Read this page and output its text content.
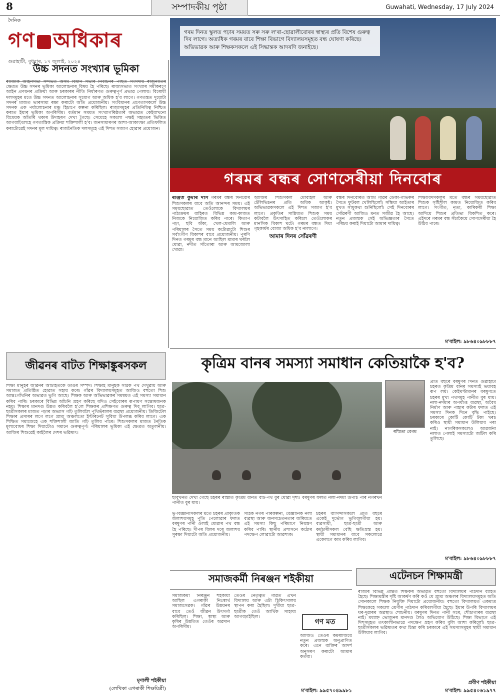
8	সম্পাদকীয় পৃষ্ঠা	Guwahati, Wednesday, 17 July 2024
দৈনিক
গণ অধিকাৰ
গুৱাহাটী, বুধবাৰ, ১৭ জুলাই, ২০২৪
উচ্চ সদনত সংখ্যাৰ ভূমিকা
ৰাজ্যিক আইনসভা সন্দৰ্ভত অসম বিধান সভাৰ নিৰ্বাচনৰ পাছত সংসদীয় ৰাজনীতিৰ ক্ষেত্ৰত উচ্চ সদনৰ ভূমিকা আলোচনাৰ বিষয় হৈ পৰিছে। ৰাজ্যসভাত সংখ্যাৰ সমীকৰণে আইন প্ৰণয়নৰ প্ৰক্ৰিয়া আৰু চৰকাৰৰ নীতি নিৰ্ধাৰণত গুৰুত্বপূৰ্ণ প্ৰভাৱ পেলায়। বিৰোধী দলসমূহৰ মতে উচ্চ সদনত আলোচনাৰ সুযোগ আৰু অধিক হ'ব লাগে। গণতন্ত্ৰত দুয়োটা সদনৰ মাজত ভাৰসাম্য ৰক্ষা কৰাটো অতি প্ৰয়োজনীয়। সংবিধানৰ প্ৰণেতাসকলে উচ্চ সদনক এক পৰ্যালোচনাৰ মঞ্চ হিচাপে কল্পনা কৰিছিল। ৰাজ্যসমূহৰ প্ৰতিনিধিত্ব নিশ্চিত কৰাত ইয়াৰ ভূমিকা অপৰিসীম। বৰ্তমান সময়ত সংখ্যাগৰিষ্ঠতাৰ অভাৱত কেইবাখনো বিধেয়ক আঁতৰি থকাৰ উদাহৰণ দেখা গৈছে। সেয়েহে সকলো পক্ষই সহমতৰ ভিত্তিত আগবাঢ়িলেহে গণতান্ত্ৰিক প্ৰক্ৰিয়া শক্তিশালী হ'ব। জনসাধাৰণৰ আশা-আকাংক্ষা প্ৰতিফলিত কৰাটোৱেই সদনৰ মূল দায়িত্ব। ৰাজনৈতিক দলসমূহে এই দিশত সজাগ হোৱাৰ প্ৰয়োজন।
গৰম দিনত স্কুলত পঢ়াৰ সময়ত সৰু সৰু ল'ৰা-ছোৱালীবোৰৰ স্বাস্থ্যৰ প্ৰতি বিশেষ গুৰুত্ব দিব লাগে। অত্যধিক গৰমৰ বাবে শিক্ষা বিভাগে বিদ্যালয়সমূহত বন্ধ ঘোষণা কৰিছে। অভিভাৱক আৰু শিক্ষকসকলে এই সিদ্ধান্তক আদৰণি জনাইছে।
গৰমৰ বন্ধৰ সোণসেৰীয়া দিনবোৰ
ৰঞ্জিত কুমাৰ দাস গৰমৰ বন্ধৰ দিনবোৰ শিশুসকলৰ বাবে অতি আনন্দৰ সময়। এই সময়ছোৱাত তেওঁলোকে বিদ্যালয়ৰ পাঠ্যক্ৰমৰ বাহিৰত বিভিন্ন কাম-কাজত নিজকে নিয়োজিত কৰিব পাৰে। কিতাপ পঢ়া, ছবি অঁকা, খেল-ধেমালি আৰু পৰিয়ালৰ সৈতে সময় কটোৱাটো শিশুৰ সৰ্বাংগীণ বিকাশৰ বাবে প্ৰয়োজনীয়। পুৰণি দিনত গৰমৰ বন্ধ মানে আছিল মামাৰ ঘৰলৈ যোৱা, নদীত সাঁতোৰা আৰু আমজোলা খোৱা।
আজিৰ শিশুসকল মোবাইল আৰু টেলিভিচনৰ প্ৰতি অধিক আকৃষ্ট। অভিভাৱকসকলে এই দিশত সজাগ হ'ব লাগে। প্ৰকৃতিৰ সান্নিধ্যত শিশুক সময় কটাবলৈ উৎসাহিত কৰিলে তেওঁলোকৰ মানসিক বিকাশ ঘটে। গৰমৰ বন্ধত দিয়া গৃহকাৰ্যৰ বোজা অধিক হ'ব নালাগে।
আমাৰ দিনৰ সোঁৱৰণী
বন্ধৰ দিনবোৰত আমি গাঁৱৰ ডেকা-গাভৰুৰ সৈতে ফুটবল খেলিছিলোঁ। সন্ধিয়া আইতাৰ মুখত সাধুকথা শুনিছিলোঁ। সেই দিনবোৰৰ সোঁৱৰণী আজিও মনত সজীৱ হৈ আছে। নতুন প্ৰজন্মক সেই অভিজ্ঞতাৰ সৈতে পৰিচয় কৰাই দিয়াটো আমাৰ দায়িত্ব।
শিক্ষাবিদসকলৰ মতে বন্ধৰ সময়ছোৱাত শিশুক সৃষ্টিশীল কামত নিয়োজিত কৰিব লাগে। সংগীত, নৃত্য, কাৰিকৰী শিক্ষা আদিয়ে শিশুৰ প্ৰতিভা বিকশিত কৰে। এইদৰে গৰমৰ বন্ধ সঁচাকৈয়ে সোণসেৰীয়া হৈ উঠিব পাৰে।
ম'বাইল: ৯৮৬৪০৯৮৮৮৭
জীৱনৰ বাটত শিক্ষাঙ্কুৰসকল
শিক্ষা মানুহৰ জীৱনৰ আটাইতকৈ ডাঙৰ সম্পদ। শিক্ষাই মানুহক সঠিক পথ দেখুৱায় আৰু সমাজত প্ৰতিষ্ঠিত হোৱাত সহায় কৰে। গাঁৱৰ বিদ্যালয়সমূহত আজিও বহুতো শিশু আন্তঃগাঁথনিৰ অভাৱত ভুগি আছে। শিক্ষক আৰু অভিভাৱকৰ সমন্বয়ত এই সমস্যা সমাধান কৰিব পাৰি। চৰকাৰে বিভিন্ন আঁচনি গ্ৰহণ কৰিছে যদিও সেইবোৰৰ ৰূপায়ণ সন্তোষজনক নহয়। শিক্ষাৰ মানদণ্ড উন্নত কৰিবলৈ হ'লে শিক্ষকৰ প্ৰশিক্ষণত গুৰুত্ব দিব লাগিব। ছাত্ৰ-ছাত্ৰীসকলৰ মাজত পঢ়াৰ অভ্যাস গঢ়ি তুলিবলৈ পুথিভঁৰালৰ ব্যৱস্থা প্ৰয়োজনীয়। ডিজিটেল শিক্ষাৰ প্ৰসাৰৰ লগে লগে গ্ৰাম্য অঞ্চলতো ইণ্টাৰনেট সুবিধা উপলব্ধ কৰিব লাগে। এক শিক্ষিত সমাজেহে এক শক্তিশালী জাতি গঢ়ি তুলিব পাৰে। শিশুসকলৰ মাজত নৈতিক মূল্যবোধৰ শিক্ষা দিয়াটোও সমানে গুৰুত্বপূৰ্ণ। পৰিয়ালৰ ভূমিকা এই ক্ষেত্ৰত অতুলনীয়। আজিৰ শিশুৱেই কাইলৈৰ দেশৰ ভৱিষ্যৎ।
মৃণালী শইকীয়া
(লেখিকা এগৰাকী শিক্ষয়িত্ৰী)
কৃত্ৰিম বানৰ সমস্যা সমাধান কেতিয়াকৈ হ'ব?
ৰশ্মিতা বেগম
প্ৰতি বছৰে বৰষুণৰ দিনত গুৱাহাটী চহৰত কৃত্ৰিম বানৰ সমস্যাই ভয়াবহ ৰূপ লয়। কেইঘণ্টামানৰ বৰষুণতে চহৰৰ মুখ্য পথসমূহ পানীত বুৰ যায়। নলা-নৰ্দমাৰ অপৰ্যাপ্ত ব্যৱস্থা, অবৈধ নিৰ্মাণ আৰু পাহাৰ কটাৰ ফলত এই সমস্যা দিনক দিনে বৃদ্ধি পাইছে। চৰকাৰে কোটি কোটি টকা খৰচ কৰিও স্থায়ী সমাধান উলিয়াব পৰা নাই। নাগৰিকসকলেও আৱৰ্জনা নলাত পেলাই সমস্যাটো জটিল কৰি তুলিছে।
ছবিখনত দেখা গৈছে চহৰৰ ৰাস্তাত কৃত্ৰিম বানত বাট-পথ বুৰ যোৱা দৃশ্য। বৰষুণৰ ফলত নলা-নৰ্দমা উপচি পৰি নগৰখন পানীত বুৰ যায়।
ভূ-বিজ্ঞানীসকলৰ মতে চহৰৰ প্ৰাকৃতিক জলাশয়সমূহ পুতি পেলোৱাৰ ফলত বৰষুণৰ পানী ওলাই যোৱাৰ পথ বন্ধ হৈ পৰিছে। দীপৰ বিলৰ দৰে জলাশয় সুৰক্ষা দিয়াটো অতি প্ৰয়োজনীয়।
সঠিক নগৰ পৰিকল্পনা, বৈজ্ঞানিক নলা ব্যৱস্থা আৰু জনসচেতনতাৰ জৰিয়তে এই সমস্যা কিছু পৰিমাণে নিয়ন্ত্ৰণ কৰিব পাৰি। স্থানীয় প্ৰশাসনে কঠোৰ পদক্ষেপ লোৱাটো আৱশ্যক।
চহৰৰ বাসিন্দাসকলে প্ৰতি বছৰে একেই দুৰ্ভোগ ভুগিবলগীয়া হয়। ব্যৱসায়ী, ছাত্ৰ-ছাত্ৰী আৰু কৰ্মচাৰীসকল বেছি ক্ষতিগ্ৰস্ত হয়। স্থায়ী সমাধানৰ বাবে সকলোৱে একেলগে কাম কৰিব লাগিব।
ম'বাইল: ৯৮৬৪০৯৮৮৮৭
সমাজকৰ্মী নিৰঞ্জন শইকীয়া
সমাজকৰ্মী নিৰঞ্জন শইকীয়া আছিল এগৰাকী নিঃস্বাৰ্থ সমাজসেৱক। গাঁৱৰ উন্নয়নৰ বাবে তেওঁ জীৱন উৎসৰ্গা কৰিছিল। শিক্ষা, স্বাস্থ্য আৰু কৃষিৰ উন্নতিত তেওঁৰ অৱদান অপৰিসীম।
তেওঁৰ নেতৃত্বত গাঁৱত এখন বিদ্যালয় আৰু এটা চিকিৎসালয় স্থাপন কৰা হৈছিল। দুখীয়া ছাত্ৰ-ছাত্ৰীক তেওঁ আৰ্থিক সাহায্য আগবঢ়াইছিল।
আজিও তেওঁৰ কৰ্মৰাজিয়ে নতুন প্ৰজন্মক অনুপ্ৰাণিত কৰে। এনে ব্যক্তিৰ আদৰ্শ অনুসৰণ কৰাটো আমাৰ কৰ্তব্য।
গণ মত
ম'বাইল: ৯৯৫৭০৪৯৯৮১
এটেনচন শিক্ষামন্ত্ৰী
ৰাজ্যৰ বিভিন্ন প্ৰান্তত শিক্ষকৰ অভাৱত বহুতো বিদ্যালয়ৰ পাঠদান ব্যাহত হৈছে। শিক্ষামন্ত্ৰীৰ দৃষ্টি আকৰ্ষণ কৰি কওঁ যে গ্ৰাম্য অঞ্চলৰ বিদ্যালয়সমূহত অতি সোনকালে শিক্ষক নিযুক্তি দিয়াটো প্ৰয়োজনীয়। বহুতো বিদ্যালয়ত একমাত্ৰ শিক্ষকেহে সকলো শ্ৰেণীৰ পাঠদান কৰিবলগীয়া হৈছে। ইয়াৰ উপৰি বিদ্যালয়ৰ ঘৰ-দুৱাৰৰ অৱস্থাও শোচনীয়। বৰষুণৰ দিনত পানী সৰে, শৌচাগাৰৰ ব্যৱস্থা নাই। মধ্যাহ্ন ভোজনৰ মানদণ্ড লৈও অভিযোগ উঠিছে। শিক্ষা বিভাগে এই দিশসমূহত তৎকালীনভাৱে পদক্ষেপ গ্ৰহণ কৰিব বুলি আশা কৰিলোঁ। ছাত্ৰ-ছাত্ৰীসকলৰ ভৱিষ্যতৰ কথা চিন্তা কৰি চৰকাৰে এই সমস্যাসমূহৰ স্থায়ী সমাধান উলিয়াব লাগিব।
প্ৰবীণ শইকীয়া
ম'বাইল: ৯৯৫৪০৬১৯৭৭
